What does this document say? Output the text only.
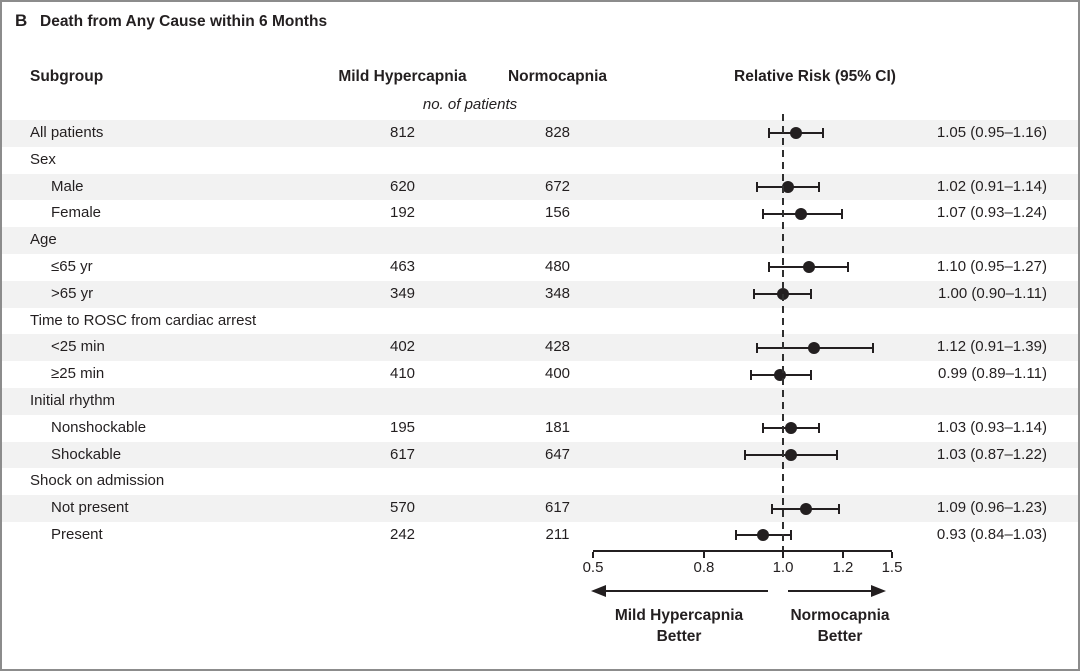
B Death from Any Cause within 6 Months
Subgroup	Mild Hypercapnia	Normocapnia	Relative Risk (95% CI)
no. of patients
All patients	812	828	1.05 (0.95–1.16)
Sex
Male	620	672	1.02 (0.91–1.14)
Female	192	156	1.07 (0.93–1.24)
Age
≤65 yr	463	480	1.10 (0.95–1.27)
>65 yr	349	348	1.00 (0.90–1.11)
Time to ROSC from cardiac arrest
<25 min	402	428	1.12 (0.91–1.39)
≥25 min	410	400	0.99 (0.89–1.11)
Initial rhythm
Nonshockable	195	181	1.03 (0.93–1.14)
Shockable	617	647	1.03 (0.87–1.22)
Shock on admission
Not present	570	617	1.09 (0.96–1.23)
Present	242	211	0.93 (0.84–1.03)
0.5	0.8	1.0	1.2	1.5
Mild Hypercapnia
Better
Normocapnia
Better
